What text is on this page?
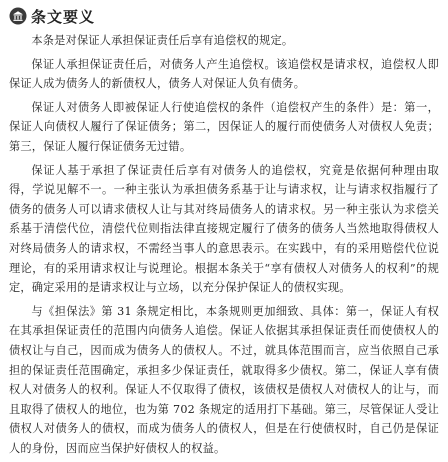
条文要义

本条是对保证人承担保证责任后享有追偿权的规定。

保证人承担保证责任后，对债务人产生追偿权。该追偿权是请求权，追偿权人即保证人成为债务人的新债权人，债务人对保证人负有债务。

保证人对债务人即被保证人行使追偿权的条件（追偿权产生的条件）是：第一，保证人向债权人履行了保证债务；第二，因保证人的履行而使债务人对债权人免责；第三，保证人履行保证债务无过错。

保证人基于承担了保证责任后享有对债务人的追偿权，究竟是依据何种理由取得，学说见解不一。一种主张认为承担债务系基于让与请求权，让与请求权指履行了债务的债务人可以请求债权人让与其对终局债务人的请求权。另一种主张认为求偿关系基于清偿代位，清偿代位则指法律直接规定履行了债务的债务人当然地取得债权人对终局债务人的请求权，不需经当事人的意思表示。在实践中，有的采用赔偿代位说理论，有的采用请求权让与说理论。根据本条关于“享有债权人对债务人的权利”的规定，确定采用的是请求权让与立场，以充分保护保证人的债权实现。

与《担保法》第 31 条规定相比，本条规则更加细致、具体：第一，保证人有权在其承担保证责任的范围内向债务人追偿。保证人依据其承担保证责任而使债权人的债权让与自己，因而成为债务人的债权人。不过，就具体范围而言，应当依照自己承担的保证责任范围确定，承担多少保证责任，就取得多少债权。第二，保证人享有债权人对债务人的权利。保证人不仅取得了债权，该债权是债权人对债权人的让与，而且取得了债权人的地位，也为第 702 条规定的适用打下基础。第三，尽管保证人受让债权人对债务人的债权，而成为债务人的债权人，但是在行使债权时，自己仍是保证人的身份，因而应当保护好债权人的权益。
